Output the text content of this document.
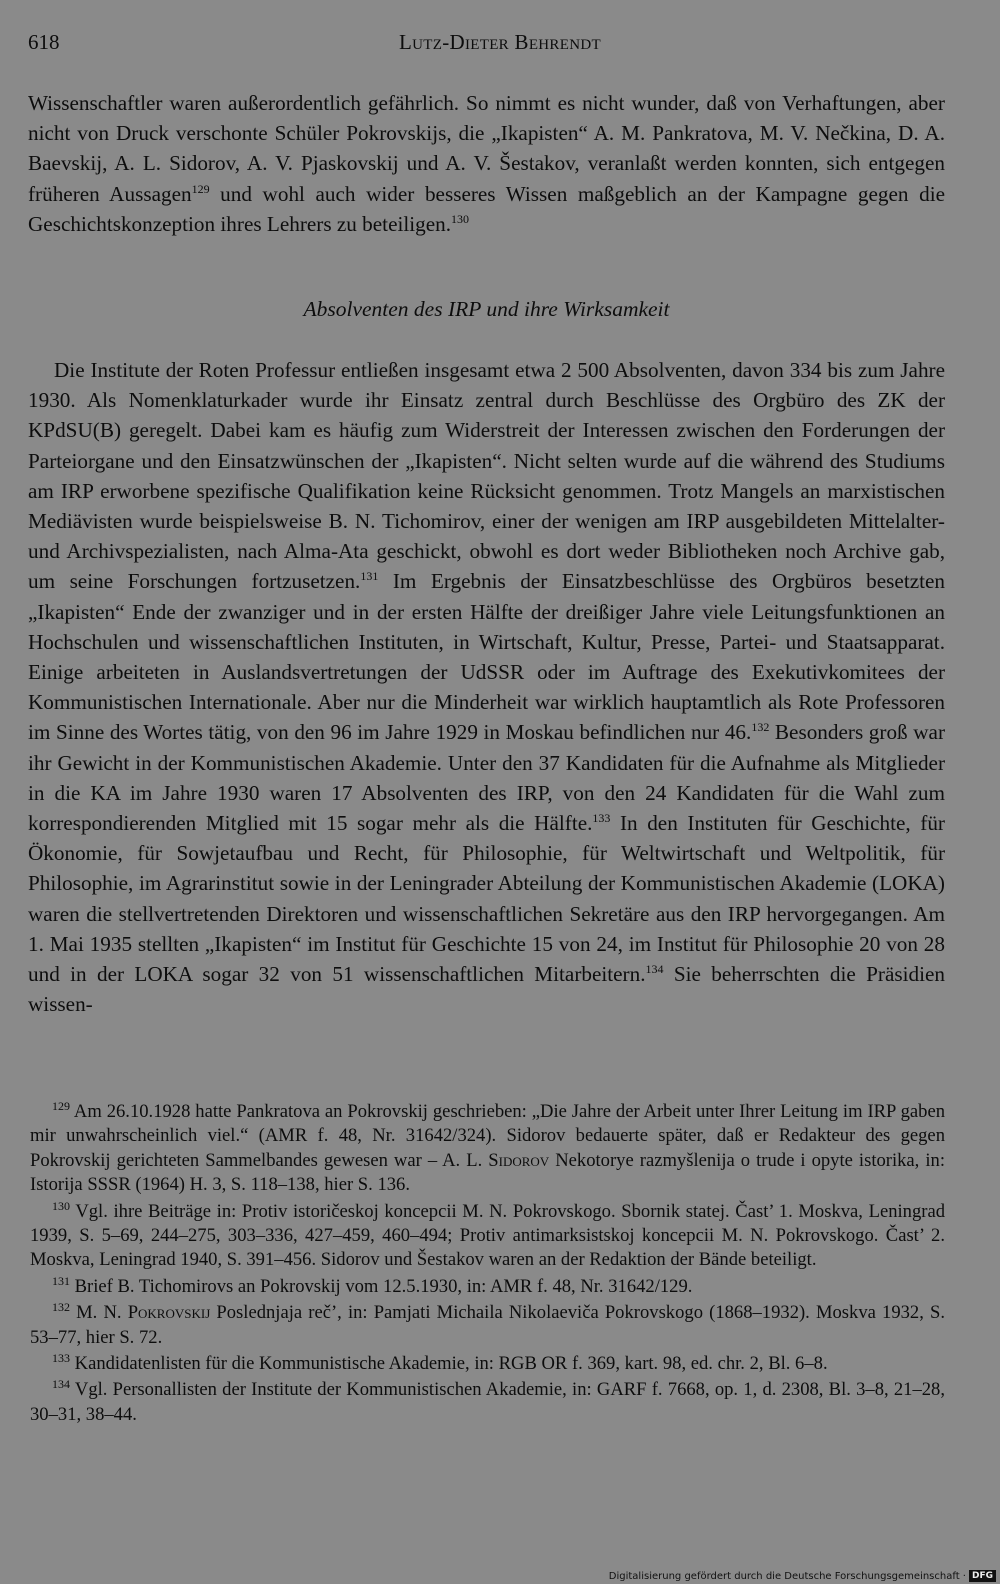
618	Lutz-Dieter Behrendt

Wissenschaftler waren außerordentlich gefährlich. So nimmt es nicht wunder, daß von Verhaftungen, aber nicht von Druck verschonte Schüler Pokrovskijs, die „Ikapisten“ A. M. Pankratova, M. V. Nečkina, D. A. Baevskij, A. L. Sidorov, A. V. Pjaskovskij und A. V. Šestakov, veranlaßt werden konnten, sich entgegen früheren Aussagen$^{129}$ und wohl auch wider besseres Wissen maßgeblich an der Kampagne gegen die Geschichtskonzeption ihres Lehrers zu beteiligen.$^{130}$

Absolventen des IRP und ihre Wirksamkeit

Die Institute der Roten Professur entließen insgesamt etwa 2 500 Absolventen, davon 334 bis zum Jahre 1930. Als Nomenklaturkader wurde ihr Einsatz zentral durch Beschlüsse des Orgbüro des ZK der KPdSU(B) geregelt. Dabei kam es häufig zum Widerstreit der Interessen zwischen den Forderungen der Parteiorgane und den Einsatzwünschen der „Ikapisten“. Nicht selten wurde auf die während des Studiums am IRP erworbene spezifische Qualifikation keine Rücksicht genommen. Trotz Mangels an marxistischen Mediävisten wurde beispielsweise B. N. Tichomirov, einer der wenigen am IRP ausgebildeten Mittelalter- und Archivspezialisten, nach Alma-Ata geschickt, obwohl es dort weder Bibliotheken noch Archive gab, um seine Forschungen fortzusetzen.$^{131}$ Im Ergebnis der Einsatzbeschlüsse des Orgbüros besetzten „Ikapisten“ Ende der zwanziger und in der ersten Hälfte der dreißiger Jahre viele Leitungsfunktionen an Hochschulen und wissenschaftlichen Instituten, in Wirtschaft, Kultur, Presse, Partei- und Staatsapparat. Einige arbeiteten in Auslandsvertretungen der UdSSR oder im Auftrage des Exekutivkomitees der Kommunistischen Internationale. Aber nur die Minderheit war wirklich hauptamtlich als Rote Professoren im Sinne des Wortes tätig, von den 96 im Jahre 1929 in Moskau befindlichen nur 46.$^{132}$ Besonders groß war ihr Gewicht in der Kommunistischen Akademie. Unter den 37 Kandidaten für die Aufnahme als Mitglieder in die KA im Jahre 1930 waren 17 Absolventen des IRP, von den 24 Kandidaten für die Wahl zum korrespondierenden Mitglied mit 15 sogar mehr als die Hälfte.$^{133}$ In den Instituten für Geschichte, für Ökonomie, für Sowjetaufbau und Recht, für Philosophie, für Weltwirtschaft und Weltpolitik, für Philosophie, im Agrarinstitut sowie in der Leningrader Abteilung der Kommunistischen Akademie (LOKA) waren die stellvertretenden Direktoren und wissenschaftlichen Sekretäre aus den IRP hervorgegangen. Am 1. Mai 1935 stellten „Ikapisten“ im Institut für Geschichte 15 von 24, im Institut für Philosophie 20 von 28 und in der LOKA sogar 32 von 51 wissenschaftlichen Mitarbeitern.$^{134}$ Sie beherrschten die Präsidien wissen-

$^{129}$ Am 26.10.1928 hatte Pankratova an Pokrovskij geschrieben: „Die Jahre der Arbeit unter Ihrer Leitung im IRP gaben mir unwahrscheinlich viel.“ (AMR f. 48, Nr. 31642/324). Sidorov bedauerte später, daß er Redakteur des gegen Pokrovskij gerichteten Sammelbandes gewesen war – A. L. Sidorov Nekotorye razmyšlenija o trude i opyte istorika, in: Istorija SSSR (1964) H. 3, S. 118–138, hier S. 136.

$^{130}$ Vgl. ihre Beiträge in: Protiv istoričeskoj koncepcii M. N. Pokrovskogo. Sbornik statej. Čast’ 1. Moskva, Leningrad 1939, S. 5–69, 244–275, 303–336, 427–459, 460–494; Protiv antimarksistskoj koncepcii M. N. Pokrovskogo. Čast’ 2. Moskva, Leningrad 1940, S. 391–456. Sidorov und Šestakov waren an der Redaktion der Bände beteiligt.

$^{131}$ Brief B. Tichomirovs an Pokrovskij vom 12.5.1930, in: AMR f. 48, Nr. 31642/129.

$^{132}$ M. N. Pokrovskij Poslednjaja reč’, in: Pamjati Michaila Nikolaeviča Pokrovskogo (1868–1932). Moskva 1932, S. 53–77, hier S. 72.

$^{133}$ Kandidatenlisten für die Kommunistische Akademie, in: RGB OR f. 369, kart. 98, ed. chr. 2, Bl. 6–8.

$^{134}$ Vgl. Personallisten der Institute der Kommunistischen Akademie, in: GARF f. 7668, op. 1, d. 2308, Bl. 3–8, 21–28, 30–31, 38–44.

Digitalisierung gefördert durch die Deutsche Forschungsgemeinschaft · DFG
